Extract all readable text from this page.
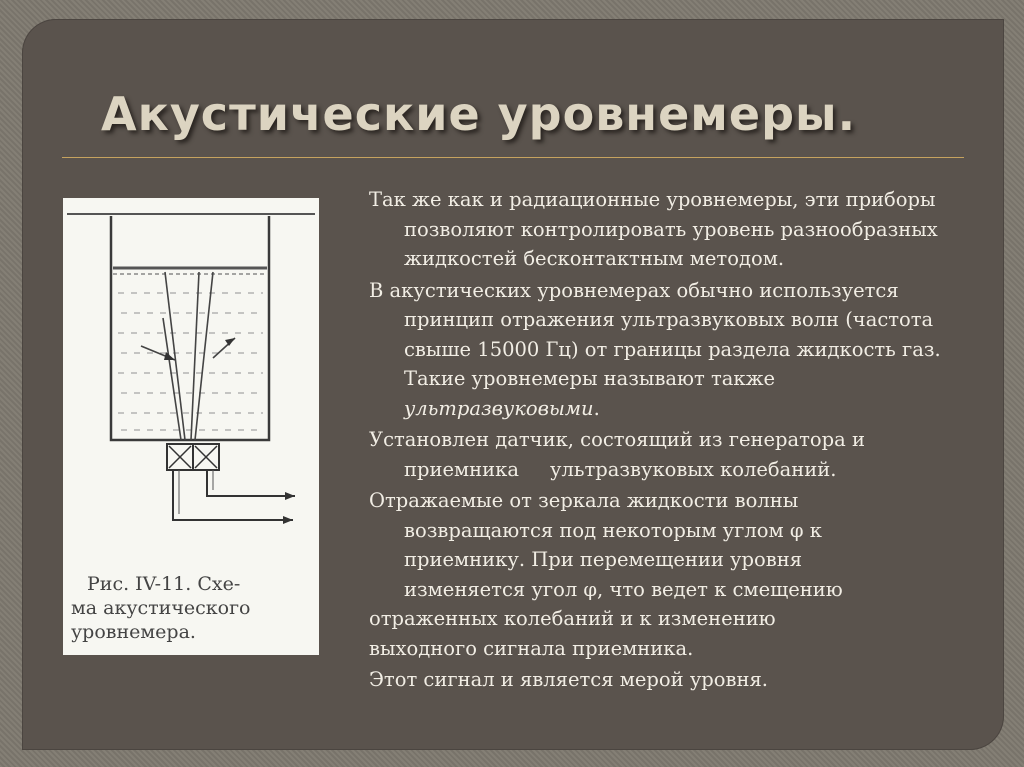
Акустические уровнемеры.
Рис. IV-11. Схе-
ма акустического
уровнемера.

Так же как и радиационные уровнемеры, эти приборы позволяют контролировать уровень разнообразных жидкостей бесконтактным методом.

В акустических уровнемерах обычно используется принцип отражения ультразвуковых волн (частота свыше 15000 Гц) от границы раздела жидкость газ. Такие уровнемеры называют также ультразвуковыми.

Установлен датчик, состоящий из генератора и приемника     ультразвуковых колебаний.

Отражаемые от зеркала жидкости волны
возвращаются под некоторым углом φ к
приемнику. При перемещении уровня
изменяется угол φ, что ведет к смещению
отраженных колебаний и к изменению
выходного сигнала приемника.

Этот сигнал и является мерой уровня.
